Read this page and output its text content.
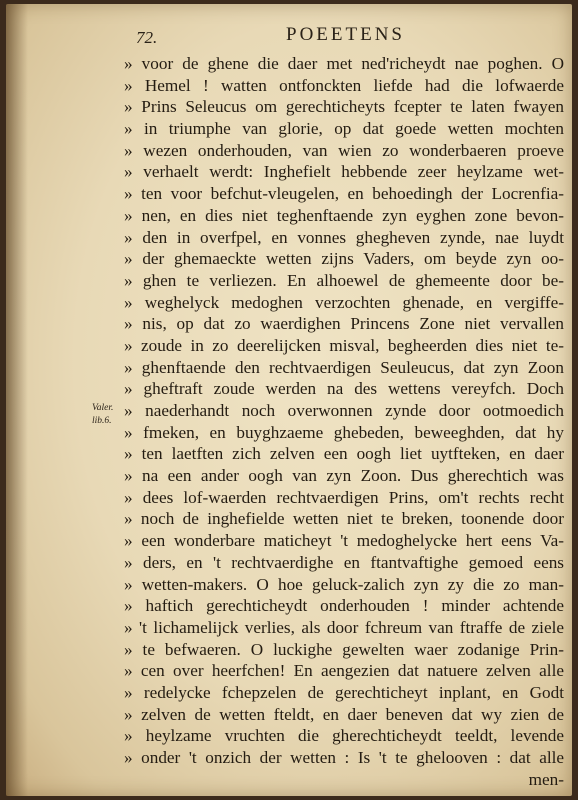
72.	POEETENS
Valer.
lib.6.
» voor de ghene die daer met ned'richeydt nae poghen. O
» Hemel ! watten ontfonckten liefde had die lofwaerde
» Prins Seleucus om gerechticheyts fcepter te laten fwayen
» in triumphe van glorie, op dat goede wetten mochten
» wezen onderhouden, van wien zo wonderbaeren proeve
» verhaelt werdt: Inghefielt hebbende zeer heylzame wet-
» ten voor befchut-vleugelen, en behoedingh der Locrenfia-
» nen, en dies niet teghenftaende zyn eyghen zone bevon-
» den in overfpel, en vonnes ghegheven zynde, nae luydt
» der ghemaeckte wetten zijns Vaders, om beyde zyn oo-
» ghen te verliezen. En alhoewel de ghemeente door be-
» weghelyck medoghen verzochten ghenade, en vergiffe-
» nis, op dat zo waerdighen Princens Zone niet vervallen
» zoude in zo deerelijcken misval, begheerden dies niet te-
» ghenftaende den rechtvaerdigen Seuleucus, dat zyn Zoon
» gheftraft zoude werden na des wettens vereyfch. Doch
» naederhandt noch overwonnen zynde door ootmoedich
» fmeken, en buyghzaeme ghebeden, beweeghden, dat hy
» ten laetften zich zelven een oogh liet uytfteken, en daer
» na een ander oogh van zyn Zoon. Dus gherechtich was
» dees lof-waerden rechtvaerdigen Prins, om't rechts recht
» noch de inghefielde wetten niet te breken, toonende door
» een wonderbare maticheyt 't medoghelycke hert eens Va-
» ders, en 't rechtvaerdighe en ftantvaftighe gemoed eens
» wetten-makers. O hoe geluck-zalich zyn zy die zo man-
» haftich gerechticheydt onderhouden ! minder achtende
» 't lichamelijck verlies, als door fchreum van ftraffe de ziele
» te befwaeren. O luckighe gewelten waer zodanige Prin-
» cen over heerfchen! En aengezien dat natuere zelven alle
» redelycke fchepzelen de gerechticheyt inplant, en Godt
» zelven de wetten fteldt, en daer beneven dat wy zien de
» heylzame vruchten die gherechticheydt teeldt, levende
» onder 't onzich der wetten : Is 't te ghelooven : dat alle
men-
